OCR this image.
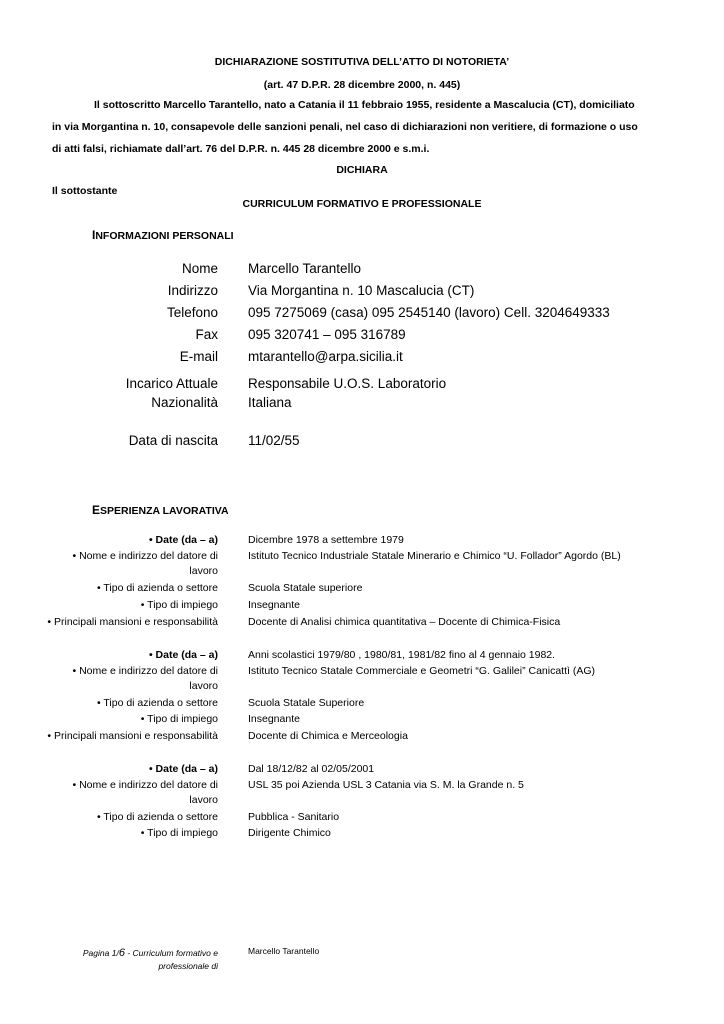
DICHIARAZIONE SOSTITUTIVA DELL’ATTO DI NOTORIETA’
(art. 47 D.P.R. 28 dicembre 2000, n. 445)
Il sottoscritto Marcello Tarantello, nato a Catania il 11 febbraio 1955, residente a Mascalucia (CT), domiciliato
in via Morgantina n. 10, consapevole delle sanzioni penali, nel caso di dichiarazioni non veritiere, di formazione o uso
di atti falsi, richiamate dall’art. 76 del D.P.R. n. 445 28 dicembre 2000 e s.m.i.
DICHIARA
Il sottostante
CURRICULUM FORMATIVO E PROFESSIONALE
INFORMAZIONI PERSONALI
Nome Marcello Tarantello
Indirizzo Via Morgantina n. 10 Mascalucia (CT)
Telefono 095 7275069 (casa) 095 2545140 (lavoro) Cell. 3204649333
Fax 095 320741 – 095 316789
E-mail mtarantello@arpa.sicilia.it
Incarico Attuale Responsabile U.O.S. Laboratorio
Nazionalità Italiana
Data di nascita 11/02/55
ESPERIENZA LAVORATIVA
• Date (da – a)	Dicembre 1978 a settembre 1979
• Nome e indirizzo del datore di	Istituto Tecnico Industriale Statale Minerario e Chimico “U. Follador” Agordo (BL)
lavoro
• Tipo di azienda o settore	Scuola Statale superiore
• Tipo di impiego	Insegnante
• Principali mansioni e responsabilità	Docente di Analisi chimica quantitativa – Docente di Chimica-Fisica
• Date (da – a)	Anni scolastici 1979/80 , 1980/81, 1981/82 fino al 4 gennaio 1982.
• Nome e indirizzo del datore di	Istituto Tecnico Statale Commerciale e Geometri “G. Galilei” Canicattì (AG)
lavoro
• Tipo di azienda o settore	Scuola Statale Superiore
• Tipo di impiego	Insegnante
• Principali mansioni e responsabilità	Docente di Chimica e Merceologia
• Date (da – a)	Dal 18/12/82 al 02/05/2001
• Nome e indirizzo del datore di	USL 35 poi Azienda USL 3 Catania via S. M. la Grande n. 5
lavoro
• Tipo di azienda o settore	Pubblica - Sanitario
• Tipo di impiego	Dirigente Chimico
Pagina 1/6 - Curriculum formativo e
professionale di
Marcello Tarantello
